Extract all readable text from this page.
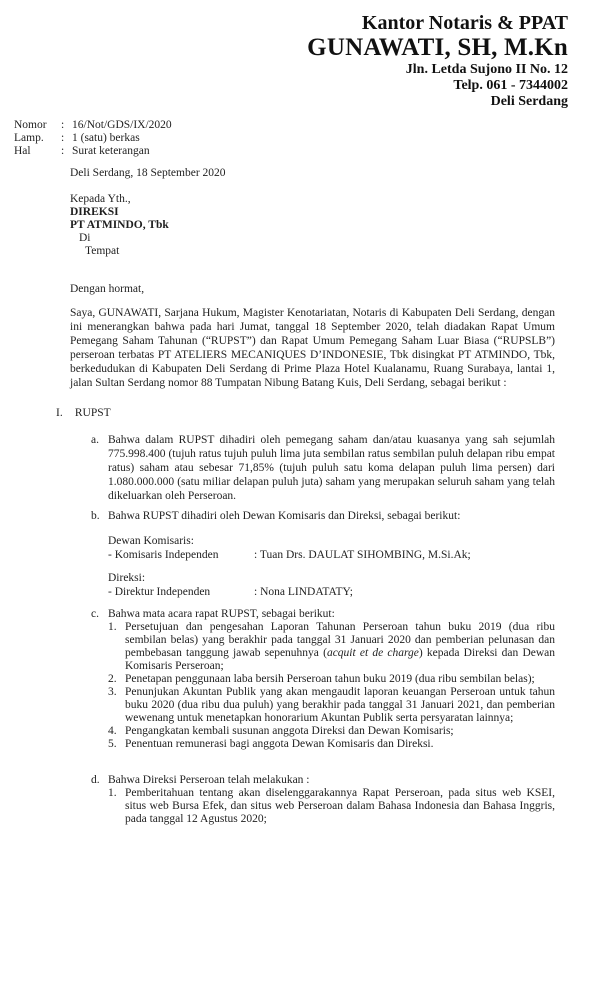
Kantor Notaris & PPAT
GUNAWATI, SH, M.Kn
Jln. Letda Sujono II No. 12
Telp. 061 - 7344002
Deli Serdang
Nomor	: 16/Not/GDS/IX/2020
Lamp.	: 1 (satu) berkas
Hal	: Surat keterangan
Deli Serdang, 18 September 2020
Kepada Yth.,
DIREKSI
PT ATMINDO, Tbk
Di
Tempat
Dengan hormat,
Saya, GUNAWATI, Sarjana Hukum, Magister Kenotariatan, Notaris di Kabupaten Deli Serdang, dengan ini menerangkan bahwa pada hari Jumat, tanggal 18 September 2020, telah diadakan Rapat Umum Pemegang Saham Tahunan (“RUPST”) dan Rapat Umum Pemegang Saham Luar Biasa (“RUPSLB”) perseroan terbatas PT ATELIERS MECANIQUES D’INDONESIE, Tbk disingkat PT ATMINDO, Tbk, berkedudukan di Kabupaten Deli Serdang di Prime Plaza Hotel Kualanamu, Ruang Surabaya, lantai 1, jalan Sultan Serdang nomor 88 Tumpatan Nibung Batang Kuis, Deli Serdang, sebagai berikut :
I. RUPST
a. Bahwa dalam RUPST dihadiri oleh pemegang saham dan/atau kuasanya yang sah sejumlah 775.998.400 (tujuh ratus tujuh puluh lima juta sembilan ratus sembilan puluh delapan ribu empat ratus) saham atau sebesar 71,85% (tujuh puluh satu koma delapan puluh lima persen) dari 1.080.000.000 (satu miliar delapan puluh juta) saham yang merupakan seluruh saham yang telah dikeluarkan oleh Perseroan.
b. Bahwa RUPST dihadiri oleh Dewan Komisaris dan Direksi, sebagai berikut:
Dewan Komisaris:
- Komisaris Independen	: Tuan Drs. DAULAT SIHOMBING, M.Si.Ak;
Direksi:
- Direktur Independen	: Nona LINDATATY;
c. Bahwa mata acara rapat RUPST, sebagai berikut:
1. Persetujuan dan pengesahan Laporan Tahunan Perseroan tahun buku 2019 (dua ribu sembilan belas) yang berakhir pada tanggal 31 Januari 2020 dan pemberian pelunasan dan pembebasan tanggung jawab sepenuhnya (acquit et de charge) kepada Direksi dan Dewan Komisaris Perseroan;
2. Penetapan penggunaan laba bersih Perseroan tahun buku 2019 (dua ribu sembilan belas);
3. Penunjukan Akuntan Publik yang akan mengaudit laporan keuangan Perseroan untuk tahun buku 2020 (dua ribu dua puluh) yang berakhir pada tanggal 31 Januari 2021, dan pemberian wewenang untuk menetapkan honorarium Akuntan Publik serta persyaratan lainnya;
4. Pengangkatan kembali susunan anggota Direksi dan Dewan Komisaris;
5. Penentuan remunerasi bagi anggota Dewan Komisaris dan Direksi.
d. Bahwa Direksi Perseroan telah melakukan :
1. Pemberitahuan tentang akan diselenggarakannya Rapat Perseroan, pada situs web KSEI, situs web Bursa Efek, dan situs web Perseroan dalam Bahasa Indonesia dan Bahasa Inggris, pada tanggal 12 Agustus 2020;
